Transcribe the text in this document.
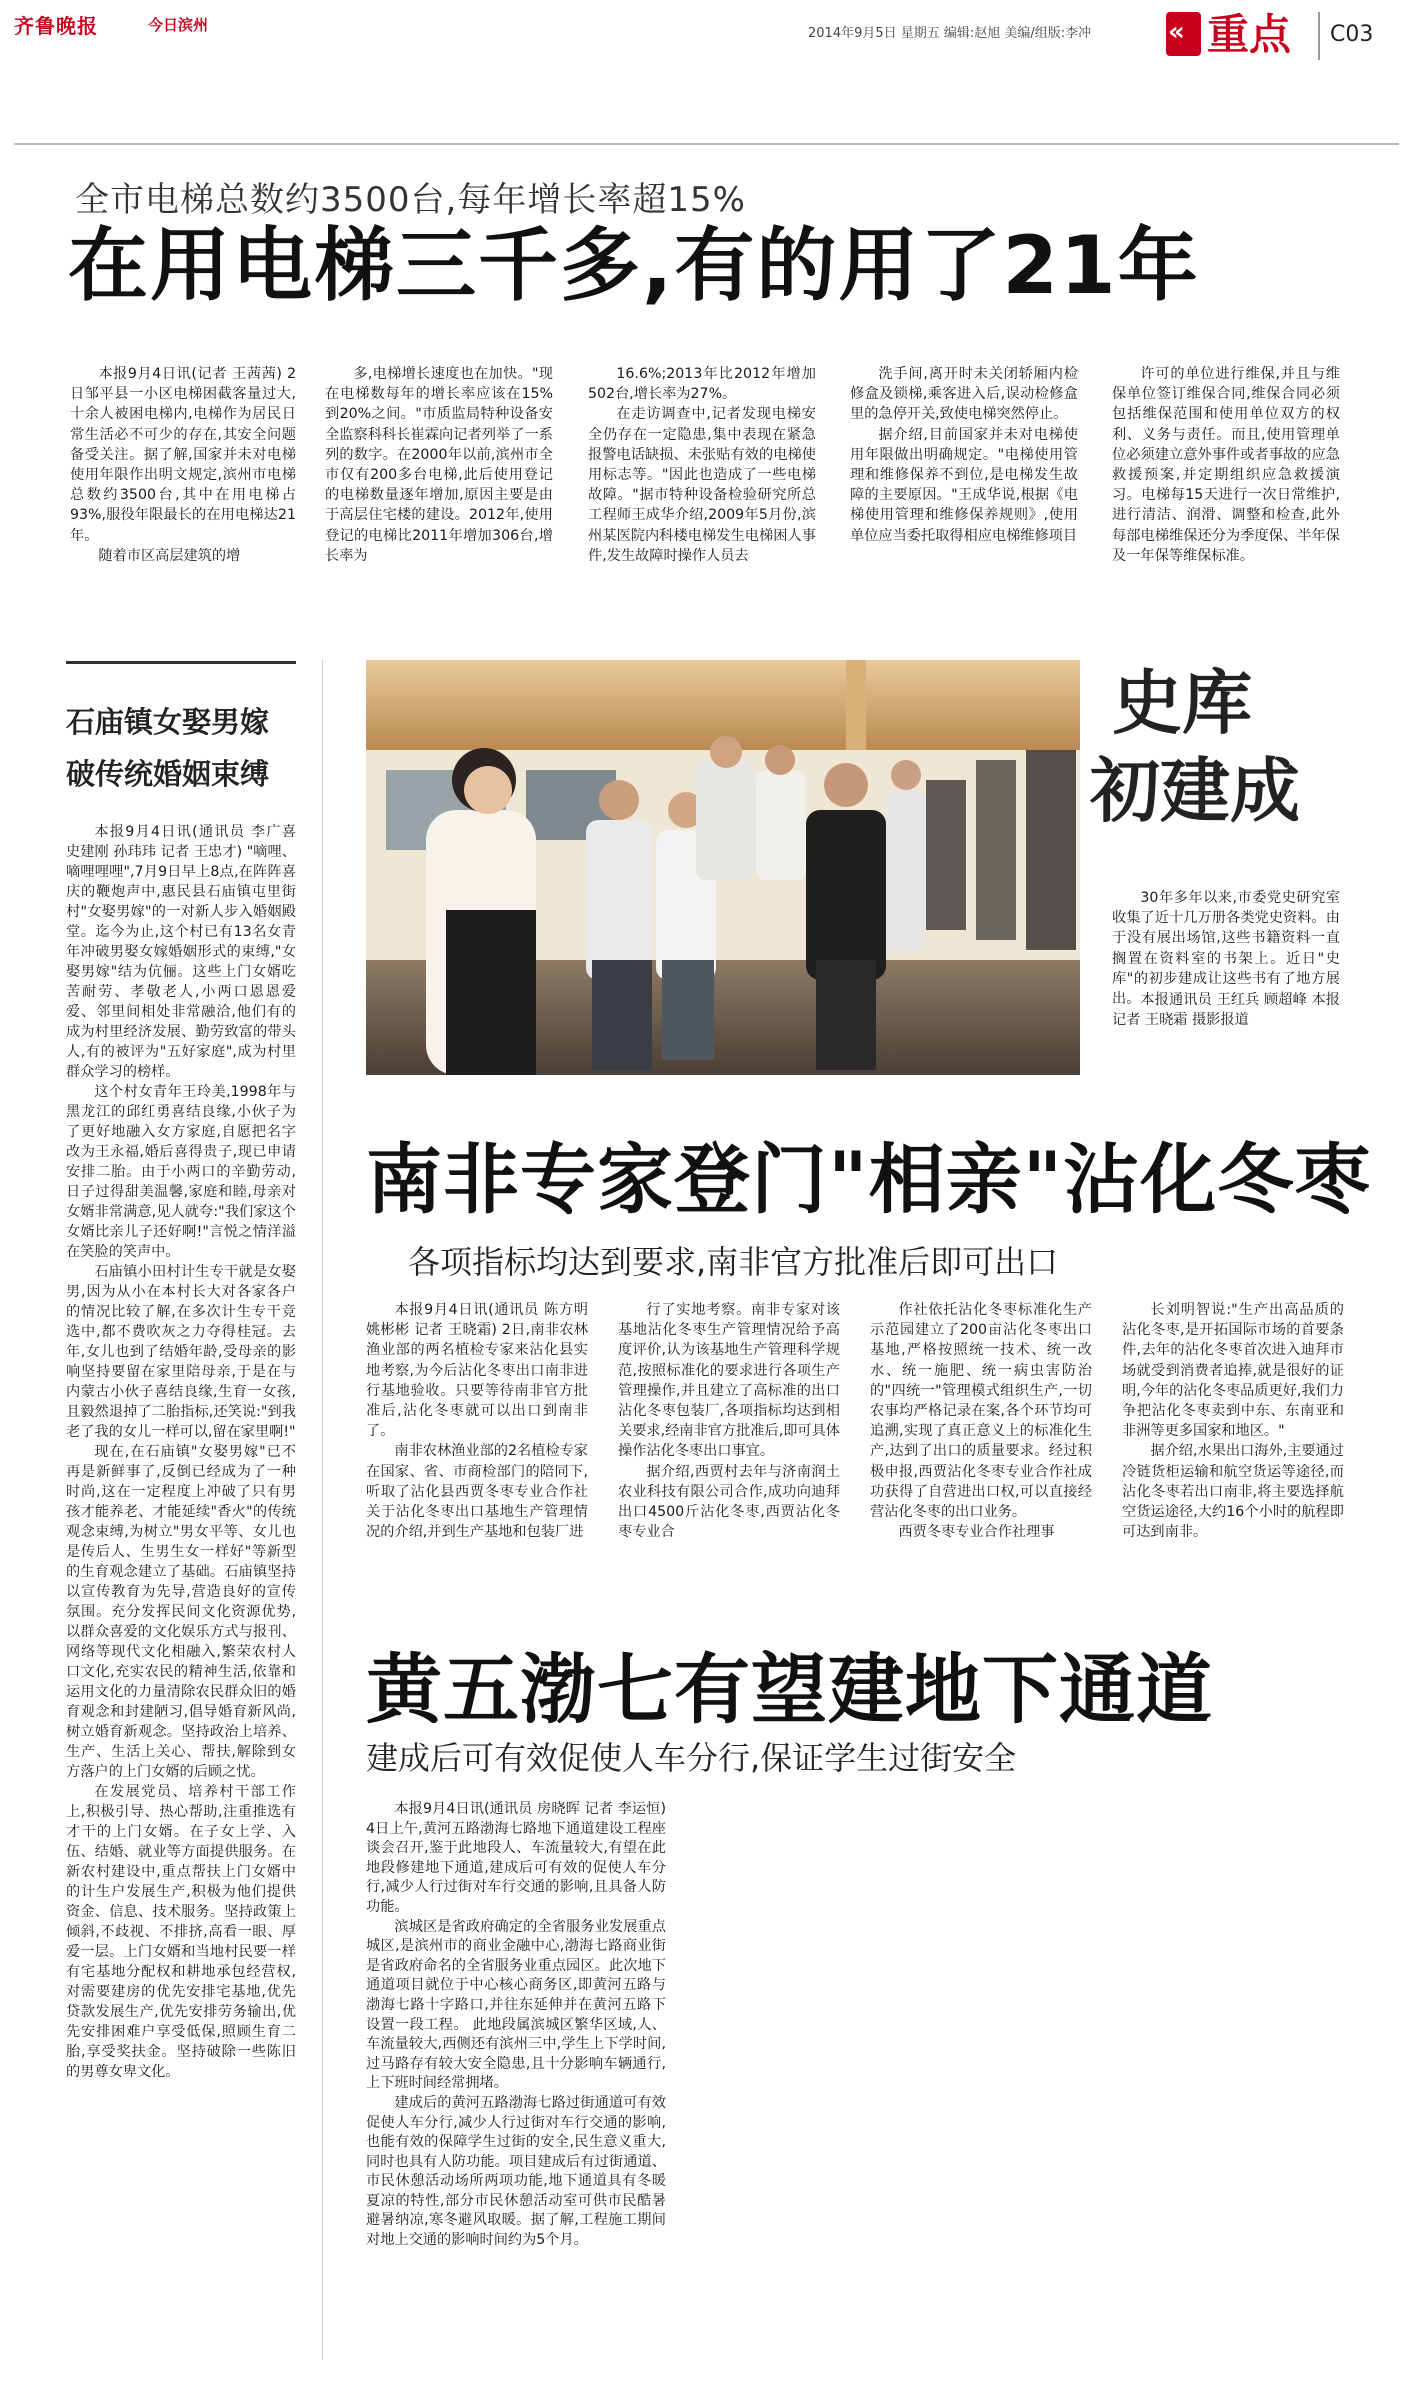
齐鲁晚报	今日滨州	2014年9月5日 星期五 编辑:赵旭 美编/组版:李冲	« 重点 C03
全市电梯总数约3500台,每年增长率超15%
在用电梯三千多,有的用了21年

本报9月4日讯(记者 王茜茜) 2日邹平县一小区电梯困截客量过大,十余人被困电梯内,电梯作为居民日常生活必不可少的存在,其安全问题备受关注。据了解,国家并未对电梯使用年限作出明文规定,滨州市电梯总数约3500台,其中在用电梯占93%,服役年限最长的在用电梯达21年。

随着市区高层建筑的增

多,电梯增长速度也在加快。"现在电梯数每年的增长率应该在15%到20%之间。"市质监局特种设备安全监察科科长崔霖向记者列举了一系列的数字。在2000年以前,滨州市全市仅有200多台电梯,此后使用登记的电梯数量逐年增加,原因主要是由于高层住宅楼的建设。2012年,使用登记的电梯比2011年增加306台,增长率为

16.6%;2013年比2012年增加502台,增长率为27%。

在走访调查中,记者发现电梯安全仍存在一定隐患,集中表现在紧急报警电话缺损、未张贴有效的电梯使用标志等。"因此也造成了一些电梯故障。"据市特种设备检验研究所总工程师王成华介绍,2009年5月份,滨州某医院内科楼电梯发生电梯困人事件,发生故障时操作人员去

洗手间,离开时未关闭轿厢内检修盒及锁梯,乘客进入后,误动检修盒里的急停开关,致使电梯突然停止。

据介绍,目前国家并未对电梯使用年限做出明确规定。"电梯使用管理和维修保养不到位,是电梯发生故障的主要原因。"王成华说,根据《电梯使用管理和维修保养规则》,使用单位应当委托取得相应电梯维修项目

许可的单位进行维保,并且与维保单位签订维保合同,维保合同必须包括维保范围和使用单位双方的权利、义务与责任。而且,使用管理单位必须建立意外事件或者事故的应急救援预案,并定期组织应急救援演习。电梯每15天进行一次日常维护,进行清洁、润滑、调整和检查,此外每部电梯维保还分为季度保、半年保及一年保等维保标准。

石庙镇女娶男嫁
破传统婚姻束缚

本报9月4日讯(通讯员 李广喜 史建刚 孙玮玮 记者 王忠才) "嘀哩、嘀哩哩哩",7月9日早上8点,在阵阵喜庆的鞭炮声中,惠民县石庙镇屯里街村"女娶男嫁"的一对新人步入婚姻殿堂。迄今为止,这个村已有13名女青年冲破男娶女嫁婚姻形式的束缚,"女娶男嫁"结为伉俪。这些上门女婿吃苦耐劳、孝敬老人,小两口恩恩爱爱、邻里间相处非常融洽,他们有的成为村里经济发展、勤劳致富的带头人,有的被评为"五好家庭",成为村里群众学习的榜样。

这个村女青年王玲美,1998年与黑龙江的邱红勇喜结良缘,小伙子为了更好地融入女方家庭,自愿把名字改为王永福,婚后喜得贵子,现已申请安排二胎。由于小两口的辛勤劳动,日子过得甜美温馨,家庭和睦,母亲对女婿非常满意,见人就夸:"我们家这个女婿比亲儿子还好啊!"言悦之情洋溢在笑脸的笑声中。

石庙镇小田村计生专干就是女娶男,因为从小在本村长大对各家各户的情况比较了解,在多次计生专干竞选中,都不费吹灰之力夺得桂冠。去年,女儿也到了结婚年龄,受母亲的影响坚持要留在家里陪母亲,于是在与内蒙古小伙子喜结良缘,生育一女孩,且毅然退掉了二胎指标,还笑说:"到我老了我的女儿一样可以,留在家里啊!"

现在,在石庙镇"女娶男嫁"已不再是新鲜事了,反倒已经成为了一种时尚,这在一定程度上冲破了只有男孩才能养老、才能延续"香火"的传统观念束缚,为树立"男女平等、女儿也是传后人、生男生女一样好"等新型的生育观念建立了基础。石庙镇坚持以宣传教育为先导,营造良好的宣传氛围。充分发挥民间文化资源优势,以群众喜爱的文化娱乐方式与报刊、网络等现代文化相融入,繁荣农村人口文化,充实农民的精神生活,依靠和运用文化的力量清除农民群众旧的婚育观念和封建陋习,倡导婚育新风尚,树立婚育新观念。坚持政治上培养、生产、生活上关心、帮扶,解除到女方落户的上门女婿的后顾之忧。

在发展党员、培养村干部工作上,积极引导、热心帮助,注重推选有才干的上门女婿。在子女上学、入伍、结婚、就业等方面提供服务。在新农村建设中,重点帮扶上门女婿中的计生户发展生产,积极为他们提供资金、信息、技术服务。坚持政策上倾斜,不歧视、不排挤,高看一眼、厚爱一层。上门女婿和当地村民要一样有宅基地分配权和耕地承包经营权,对需要建房的优先安排宅基地,优先贷款发展生产,优先安排劳务输出,优先安排困难户享受低保,照顾生育二胎,享受奖扶金。坚持破除一些陈旧的男尊女卑文化。

史库
初建成

30年多年以来,市委党史研究室收集了近十几万册各类党史资料。由于没有展出场馆,这些书籍资料一直搁置在资料室的书架上。近日"史库"的初步建成让这些书有了地方展出。 本报通讯员 王红兵 顾超峰 本报记者 王晓霜 摄影报道

南非专家登门"相亲"沾化冬枣
各项指标均达到要求,南非官方批准后即可出口

本报9月4日讯(通讯员 陈方明 姚彬彬 记者 王晓霜) 2日,南非农林渔业部的两名植检专家来沾化县实地考察,为今后沾化冬枣出口南非进行基地验收。只要等待南非官方批准后,沾化冬枣就可以出口到南非了。

南非农林渔业部的2名植检专家在国家、省、市商检部门的陪同下,听取了沾化县西贾冬枣专业合作社关于沾化冬枣出口基地生产管理情况的介绍,并到生产基地和包装厂进

行了实地考察。南非专家对该基地沾化冬枣生产管理情况给予高度评价,认为该基地生产管理科学规范,按照标准化的要求进行各项生产管理操作,并且建立了高标准的出口沾化冬枣包装厂,各项指标均达到相关要求,经南非官方批准后,即可具体操作沾化冬枣出口事宜。

据介绍,西贾村去年与济南润土农业科技有限公司合作,成功向迪拜出口4500斤沾化冬枣,西贾沾化冬枣专业合

作社依托沾化冬枣标准化生产示范园建立了200亩沾化冬枣出口基地,严格按照统一技术、统一改水、统一施肥、统一病虫害防治的"四统一"管理模式组织生产,一切农事均严格记录在案,各个环节均可追溯,实现了真正意义上的标准化生产,达到了出口的质量要求。经过积极申报,西贾沾化冬枣专业合作社成功获得了自营进出口权,可以直接经营沾化冬枣的出口业务。

西贾冬枣专业合作社理事

长刘明智说:"生产出高品质的沾化冬枣,是开拓国际市场的首要条件,去年的沾化冬枣首次进入迪拜市场就受到消费者追捧,就是很好的证明,今年的沾化冬枣品质更好,我们力争把沾化冬枣卖到中东、东南亚和非洲等更多国家和地区。"

据介绍,水果出口海外,主要通过冷链货柜运输和航空货运等途径,而沾化冬枣若出口南非,将主要选择航空货运途径,大约16个小时的航程即可达到南非。

黄五渤七有望建地下通道
建成后可有效促使人车分行,保证学生过街安全

本报9月4日讯(通讯员 房晓晖 记者 李运恒) 4日上午,黄河五路渤海七路地下通道建设工程座谈会召开,鉴于此地段人、车流量较大,有望在此地段修建地下通道,建成后可有效的促使人车分行,减少人行过街对车行交通的影响,且具备人防功能。

滨城区是省政府确定的全省服务业发展重点城区,是滨州市的商业金融中心,渤海七路商业街是省政府命名的全省服务业重点园区。此次地下通道项目就位于中心核心商务区,即黄河五路与渤海七路十字路口,并往东延伸并在黄河五路下设置一段工程。 此地段属滨城区繁华区域,人、车流量较大,西侧还有滨州三中,学生上下学时间,过马路存有较大安全隐患,且十分影响车辆通行,上下班时间经常拥堵。

建成后的黄河五路渤海七路过街通道可有效促使人车分行,减少人行过街对车行交通的影响,也能有效的保障学生过街的安全,民生意义重大,同时也具有人防功能。项目建成后有过街通道、市民休憩活动场所两项功能,地下通道具有冬暖夏凉的特性,部分市民休憩活动室可供市民酷暑避暑纳凉,寒冬避风取暖。据了解,工程施工期间对地上交通的影响时间约为5个月。
